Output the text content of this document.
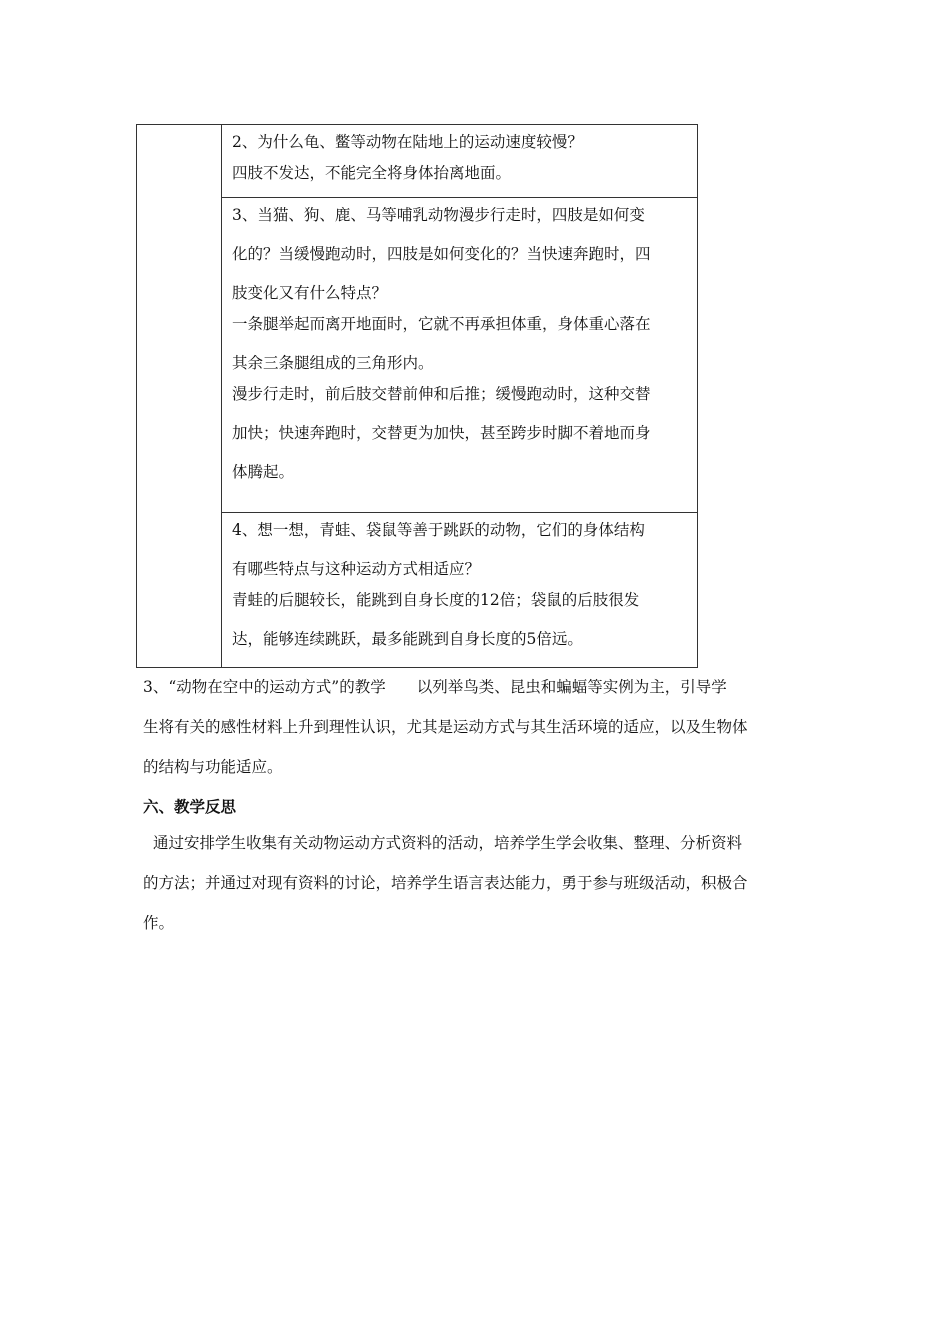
2、为什么龟、鳖等动物在陆地上的运动速度较慢？
四肢不发达，不能完全将身体抬离地面。

3、当猫、狗、鹿、马等哺乳动物漫步行走时，四肢是如何变
化的？当缓慢跑动时，四肢是如何变化的？当快速奔跑时，四
肢变化又有什么特点？
一条腿举起而离开地面时，它就不再承担体重，身体重心落在
其余三条腿组成的三角形内。
漫步行走时，前后肢交替前伸和后推；缓慢跑动时，这种交替
加快；快速奔跑时，交替更为加快，甚至跨步时脚不着地而身
体腾起。

4、想一想，青蛙、袋鼠等善于跳跃的动物，它们的身体结构
有哪些特点与这种运动方式相适应？
青蛙的后腿较长，能跳到自身长度的12倍；袋鼠的后肢很发
达，能够连续跳跃，最多能跳到自身长度的5倍远。
3、“动物在空中的运动方式”的教学　　以列举鸟类、昆虫和蝙蝠等实例为主，引导学
生将有关的感性材料上升到理性认识，尤其是运动方式与其生活环境的适应，以及生物体
的结构与功能适应。
六、教学反思
通过安排学生收集有关动物运动方式资料的活动，培养学生学会收集、整理、分析资料
的方法；并通过对现有资料的讨论，培养学生语言表达能力，勇于参与班级活动，积极合
作。
